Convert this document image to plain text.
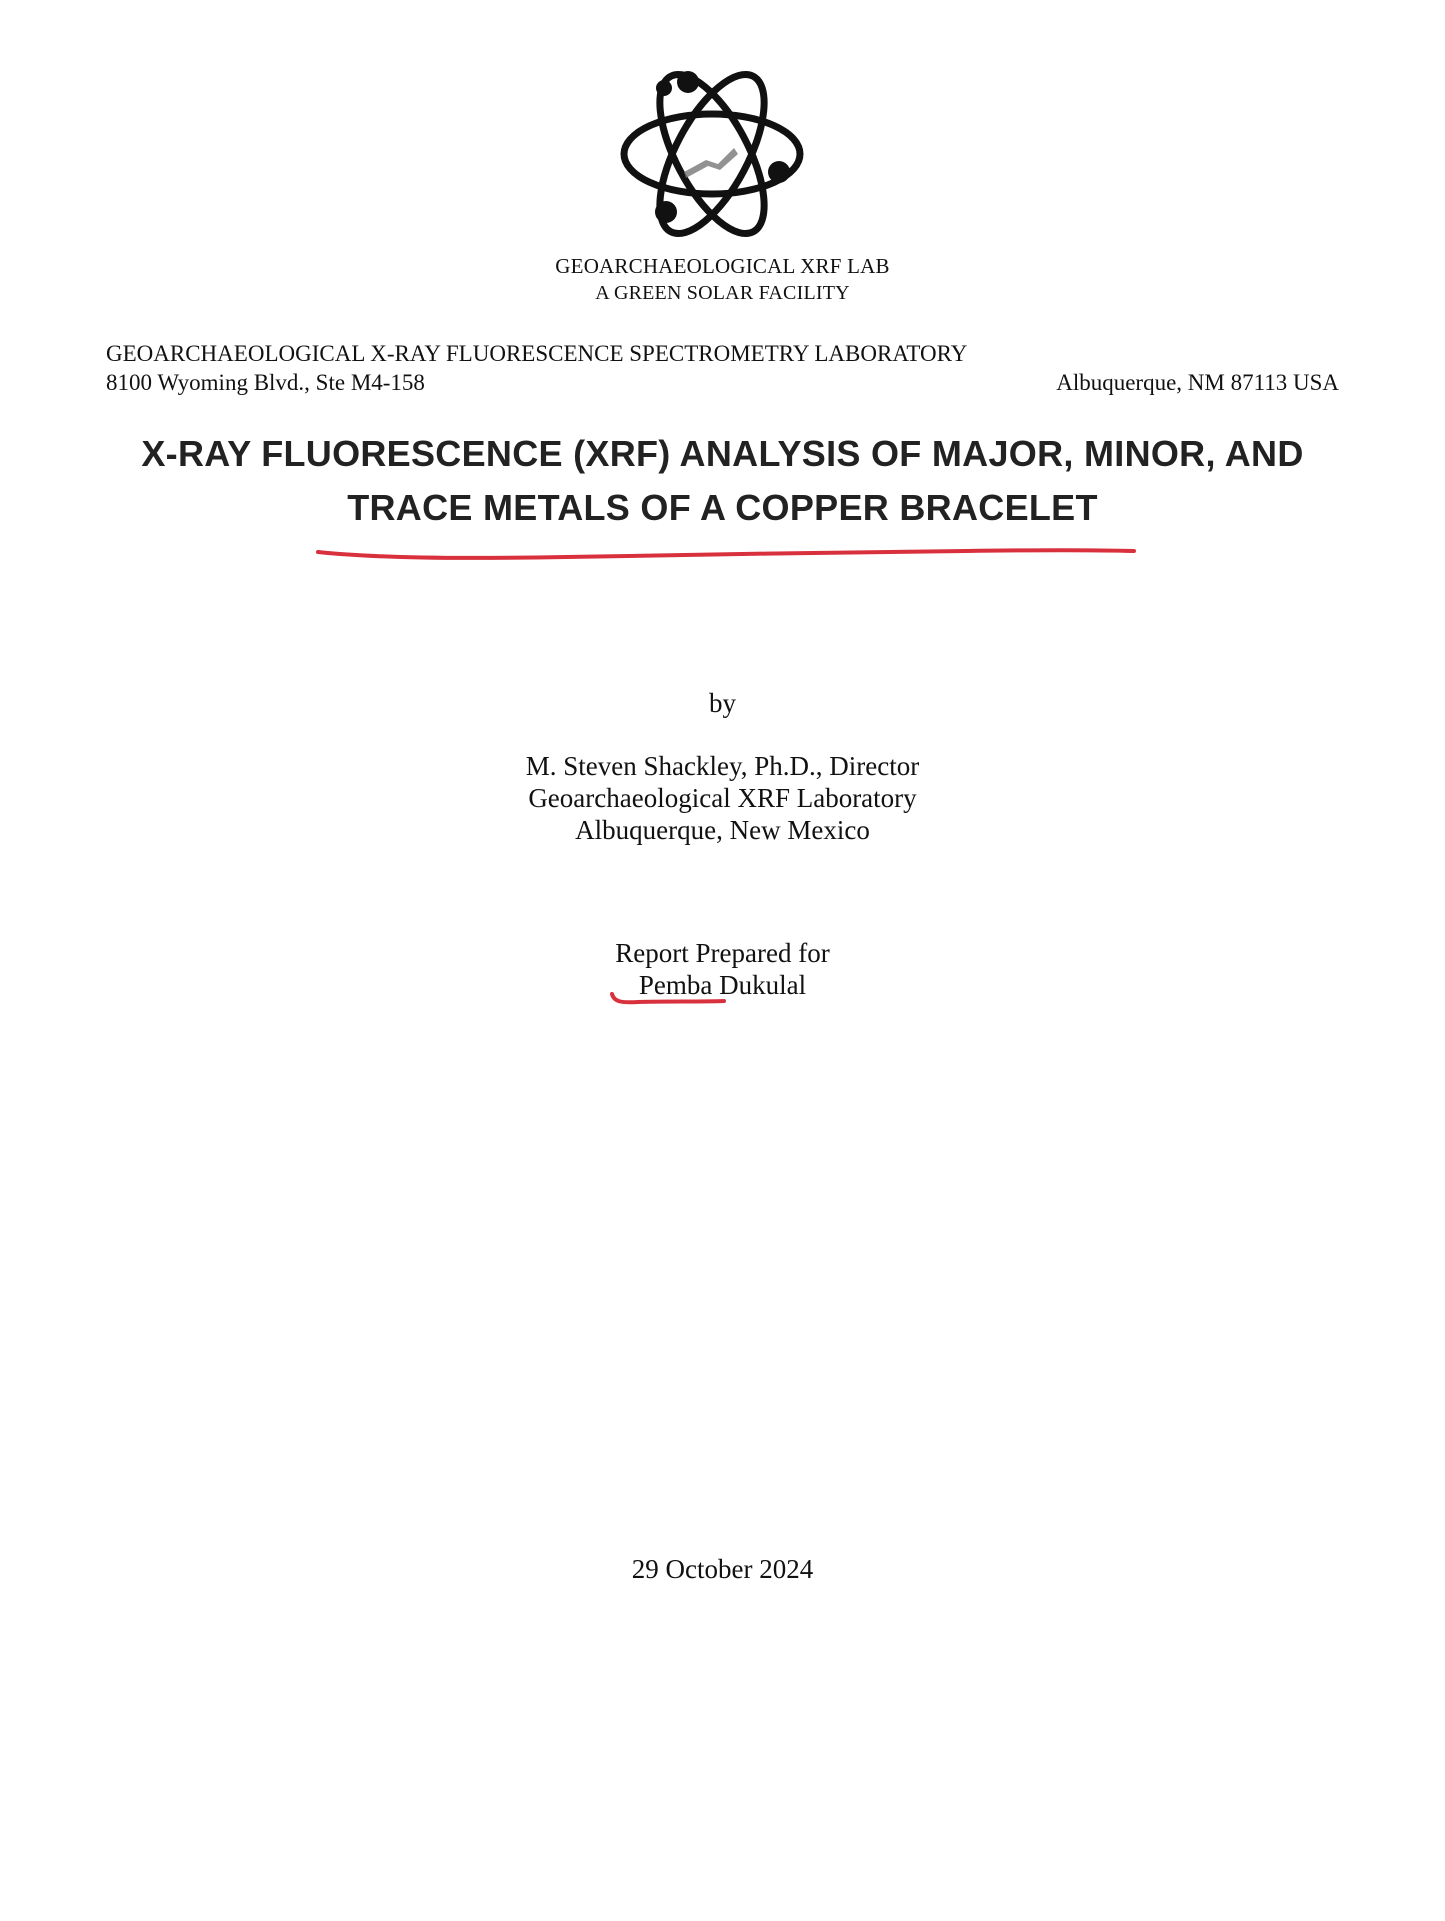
GEOARCHAEOLOGICAL XRF LAB
A GREEN SOLAR FACILITY
GEOARCHAEOLOGICAL X-RAY FLUORESCENCE SPECTROMETRY LABORATORY
8100 Wyoming Blvd., Ste M4-158	Albuquerque, NM 87113 USA
X-RAY FLUORESCENCE (XRF) ANALYSIS OF MAJOR, MINOR, AND
TRACE METALS OF A COPPER BRACELET
by
M. Steven Shackley, Ph.D., Director
Geoarchaeological XRF Laboratory
Albuquerque, New Mexico
Report Prepared for
Pemba Dukulal
29 October 2024
